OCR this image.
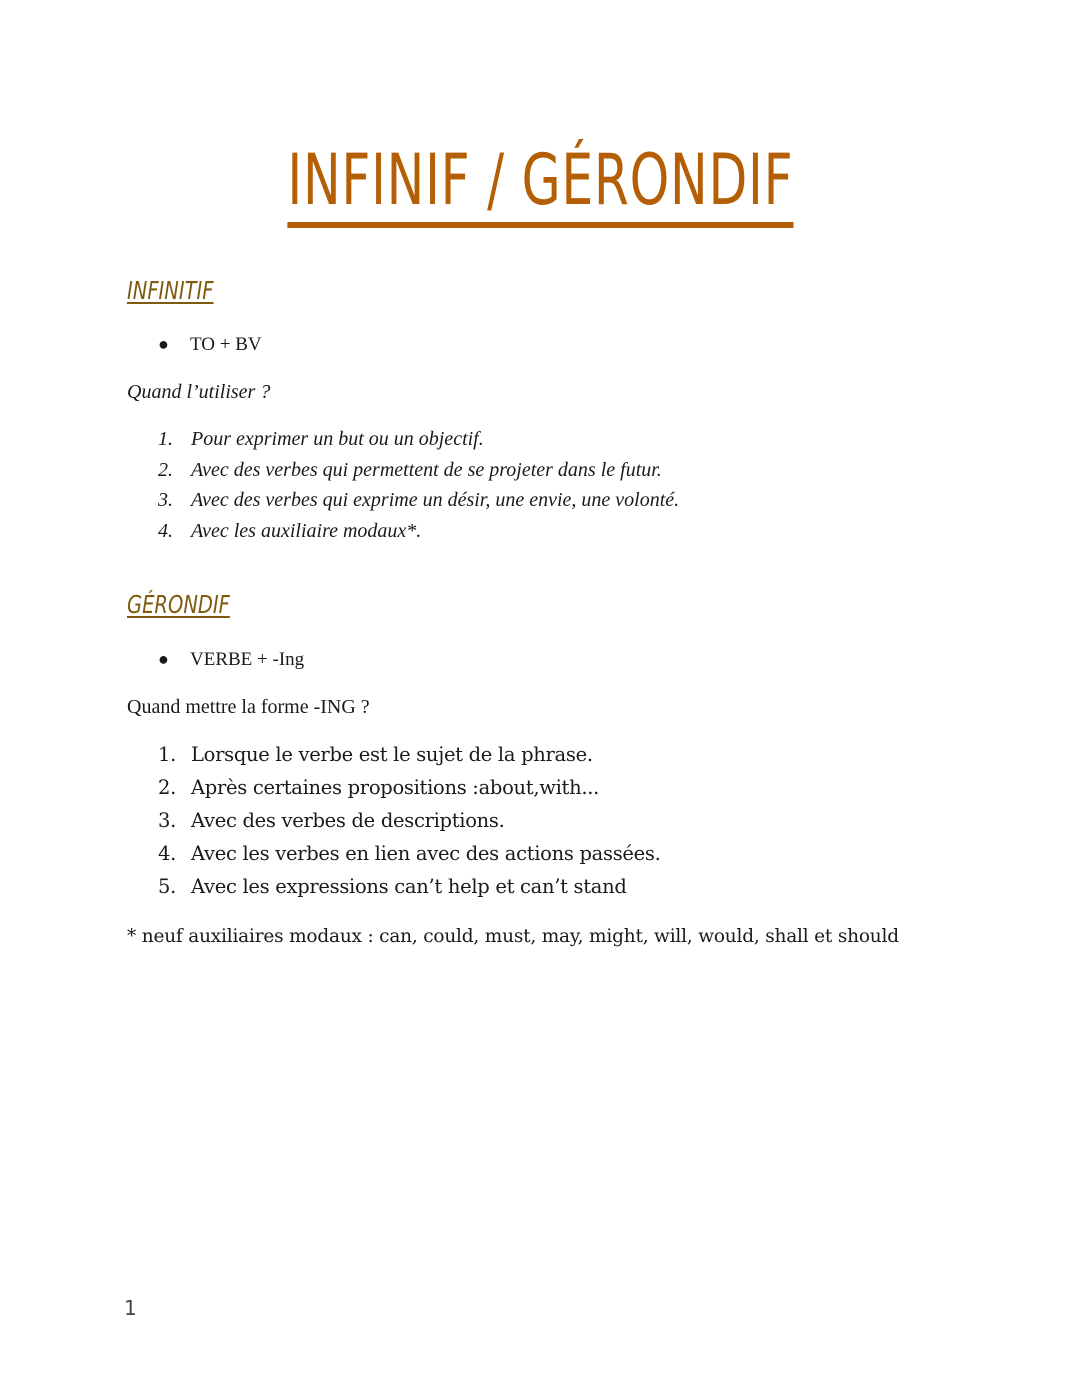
INFINIF / GÉRONDIF
INFINITIF

● TO + BV

Quand l’utiliser ?

1. Pour exprimer un but ou un objectif.
2. Avec des verbes qui permettent de se projeter dans le futur.
3. Avec des verbes qui exprime un désir, une envie, une volonté.
4. Avec les auxiliaire modaux*.
GÉRONDIF

● VERBE + -Ing

Quand mettre la forme -ING ?

1. Lorsque le verbe est le sujet de la phrase.
2. Après certaines propositions :about,with...
3. Avec des verbes de descriptions.
4. Avec les verbes en lien avec des actions passées.
5. Avec les expressions can’t help et can’t stand

* neuf auxiliaires modaux : can, could, must, may, might, will, would, shall et should

1
